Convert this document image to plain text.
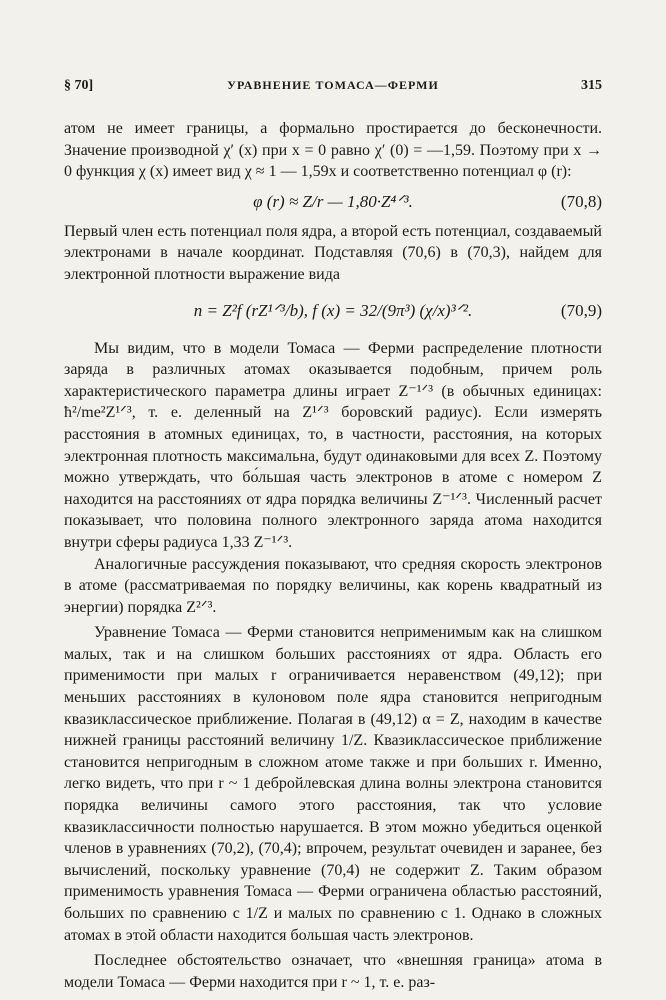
§ 70]	УРАВНЕНИЕ ТОМАСА—ФЕРМИ	315

атом не имеет границы, а формально простирается до бесконечности. Значение производной χ′ (x) при x = 0 равно χ′ (0) = —1,59. Поэтому при x → 0 функция χ (x) имеет вид χ ≈ 1 — 1,59x и соответственно потенциал φ (r):

φ (r) ≈ Z/r — 1,80·Z⁴ᐟ³.	(70,8)

Первый член есть потенциал поля ядра, а второй есть потенциал, создаваемый электронами в начале координат. Подставляя (70,6) в (70,3), найдем для электронной плотности выражение вида

n = Z²f (rZ¹ᐟ³/b), f (x) = 32/(9π³) (χ/x)³ᐟ².	(70,9)

Мы видим, что в модели Томаса — Ферми распределение плотности заряда в различных атомах оказывается подобным, причем роль характеристического параметра длины играет Z⁻¹ᐟ³ (в обычных единицах: ħ²/me²Z¹ᐟ³, т. е. деленный на Z¹ᐟ³ боровский радиус). Если измерять расстояния в атомных единицах, то, в частности, расстояния, на которых электронная плотность максимальна, будут одинаковыми для всех Z. Поэтому можно утверждать, что бо́льшая часть электронов в атоме с номером Z находится на расстояниях от ядра порядка величины Z⁻¹ᐟ³. Численный расчет показывает, что половина полного электронного заряда атома находится внутри сферы радиуса 1,33 Z⁻¹ᐟ³.

Аналогичные рассуждения показывают, что средняя скорость электронов в атоме (рассматриваемая по порядку величины, как корень квадратный из энергии) порядка Z²ᐟ³.

Уравнение Томаса — Ферми становится неприменимым как на слишком малых, так и на слишком больших расстояниях от ядра. Область его применимости при малых r ограничивается неравенством (49,12); при меньших расстояниях в кулоновом поле ядра становится непригодным квазиклассическое приближение. Полагая в (49,12) α = Z, находим в качестве нижней границы расстояний величину 1/Z. Квазиклассическое приближение становится непригодным в сложном атоме также и при больших r. Именно, легко видеть, что при r ~ 1 дебройлевская длина волны электрона становится порядка величины самого этого расстояния, так что условие квазиклассичности полностью нарушается. В этом можно убедиться оценкой членов в уравнениях (70,2), (70,4); впрочем, результат очевиден и заранее, без вычислений, поскольку уравнение (70,4) не содержит Z. Таким образом применимость уравнения Томаса — Ферми ограничена областью расстояний, больших по сравнению с 1/Z и малых по сравнению с 1. Однако в сложных атомах в этой области находится большая часть электронов.

Последнее обстоятельство означает, что «внешняя граница» атома в модели Томаса — Ферми находится при r ~ 1, т. е. раз-
